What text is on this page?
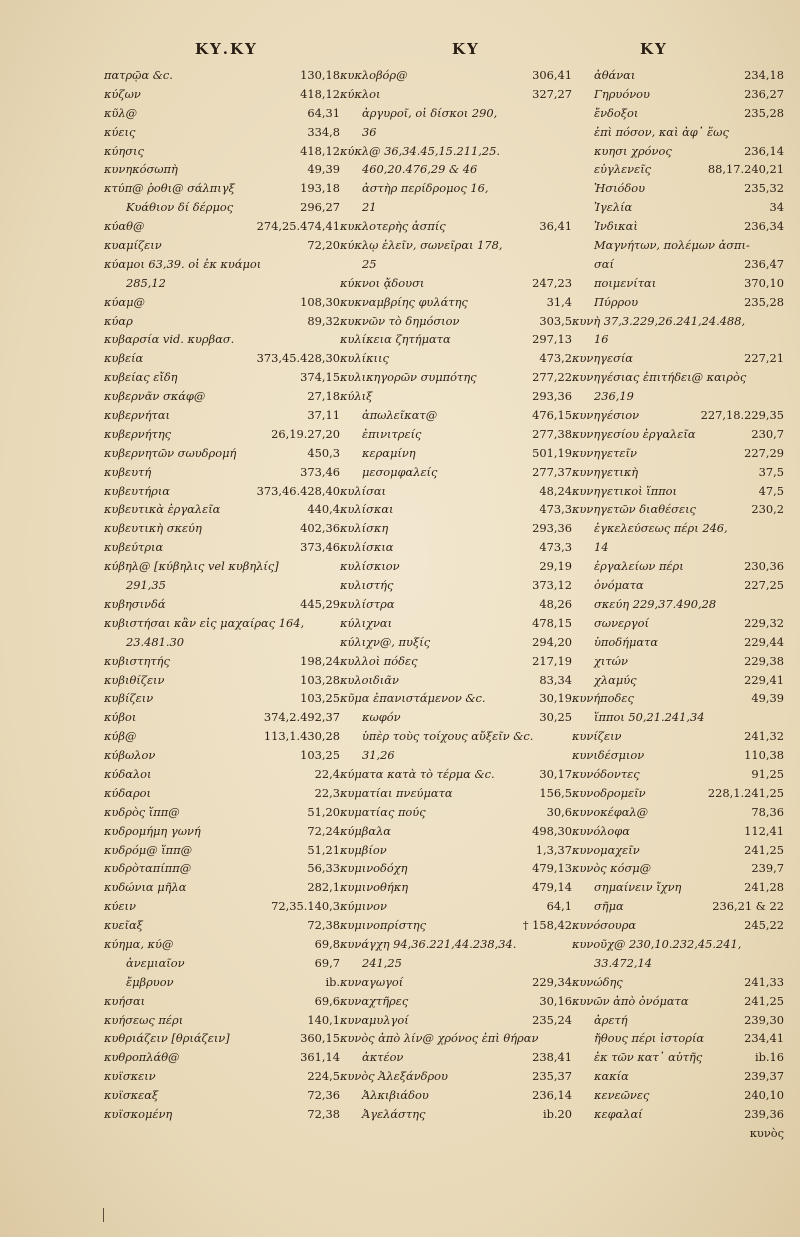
ΚΥ.ΚΥ	ΚΥ	ΚΥ
πατρῷα &c.	130,18
κύζων	418,12
κῦλ@	64,31
κύεις	334,8
κύησις	418,12
κυνηκόσωπὴ	49,39
κτύπ@ ῥοθι@ σάλπιγξ	193,18
Κυάθιον δί δέρμος	296,27
κύαθ@	274,25.474,41
κυαμίζειν	72,20
κύαμοι 63,39. οἱ ἐκ κυάμοι
285,12
κύαμ@	108,30
κύαρ	89,32
κυβαρσία vid. κυρβασ.
κυβεία	373,45.428,30
κυβείας εἴδη	374,15
κυβερνᾶν σκάφ@	27,18
κυβερνήται	37,11
κυβερνήτης	26,19.27,20
κυβερνητῶν σωυδρομή	450,3
κυβευτή	373,46
κυβευτήρια	373,46.428,40
κυβευτικὰ ἐργαλεῖα	440,4
κυβευτικὴ σκεύη	402,36
κυβεύτρια	373,46
κύβηλ@ [κύβηλις vel κυβηλίς]
291,35
κυβησινδά	445,29
κυβιστήσαι κἂν εἰς μαχαίρας 164,
23.481.30
κυβιστητής	198,24
κυβιθίζειν	103,28
κυβίζειν	103,25
κύβοι	374,2.492,37
κύβ@	113,1.430,28
κύβωλον	103,25
κύδαλοι	22,4
κύδαροι	22,3
κυδρὸς ἵππ@	51,20
κυδρομήμη γωνή	72,24
κυδρόμ@ ἵππ@	51,21
κυδρὸταπίππ@	56,33
κυδώνια μῆλα	282,1
κύειν	72,35.140,3
κυεῖαξ	72,38
κύημα, κύ@	69,8
ἀνεμιαῖον	69,7
ἔμβρυον	ib.
κυήσαι	69,6
κυήσεως πέρι	140,1
κυθριάζειν [θριάζειν]	360,15
κυθροπλάθ@	361,14
κυϊσκειν	224,5
κυϊσκεαξ	72,36
κυϊσκομένη	72,38
κυκλοβόρ@	306,41
κύκλοι	327,27
ἀργυροῖ, οἱ δίσκοι 290,
36
κύκλ@ 36,34.45,15.211,25.
460,20.476,29 & 46
ἀστὴρ περίδρομος 16,
21
κυκλοτερὴς ἀσπίς	36,41
κύκλῳ ἑλεῖν, σωνεῖραι 178,
25
κύκνοι ᾄδουσι	247,23
κυκναμβρίης φυλάτης	31,4
κυκνῶν τὸ δημόσιον	303,5
κυλίκεια ζητήματα	297,13
κυλίκιις	473,2
κυλικηγορῶν συμπότης	277,22
κύλιξ	293,36
ἀπωλεῖκατ@	476,15
ἐπινιτρείς	277,38
κεραμίνη	501,19
μεσομφαλείς	277,37
κυλίσαι	48,24
κυλίσκαι	473,3
κυλίσκη	293,36
κυλίσκια	473,3
κυλίσκιον	29,19
κυλιστής	373,12
κυλίστρα	48,26
κύλιχναι	478,15
κύλιχν@, πυξίς	294,20
κυλλοὶ πόδες	217,19
κυλοιδιᾶν	83,34
κῦμα ἐπανιστάμενον &c.	30,19
κωφόν	30,25
ὑπὲρ τοὺς τοίχους αὔξεῖν &c.
31,26
κύματα κατὰ τὸ τέρμα &c.	30,17
κυματίαι πνεύματα	156,5
κυματίας πούς	30,6
κύμβαλα	498,30
κυμβίον	1,3,37
κυμινοδόχη	479,13
κυμινοθήκη	479,14
κύμινον	64,1
κυμινοπρίστης	† 158,42
κυνάγχη 94,36.221,44.238,34.
241,25
κυναγωγοί	229,34
κυναχτῆρες	30,16
κυναμυλγοί	235,24
κυνὸς ἀπὸ λίν@ χρόνος ἐπὶ θήραν
ἀκτέον	238,41
κυνὸς Ἀλεξάνδρου	235,37
Ἀλκιβιάδου	236,14
Ἀγελάστης	ib.20
ἀθάναι	234,18
Γηρυόνου	236,27
ἔνδοξοι	235,28
ἐπὶ πόσον, καὶ ἀφ᾽ ἕως
κυησι χρόνος	236,14
εὐγλενεῖς	88,17.240,21
Ἡσιόδου	235,32
Ἰγελία	34
Ἰνδικαὶ	236,34
Μαγνήτων, πολέμων ἀσπι-
σαί	236,47
ποιμενίται	370,10
Πύρρου	235,28
κυνὴ 37,3.229,26.241,24.488,
16
κυνηγεσία	227,21
κυνηγέσιας ἐπιτήδει@ καιρὸς
236,19
κυνηγέσιον	227,18.229,35
κυνηγεσίου ἐργαλεῖα	230,7
κυνηγετεῖν	227,29
κυνηγετικὴ	37,5
κυνηγετικοὶ ἵπποι	47,5
κυνηγετῶν διαθέσεις	230,2
ἐγκελεύσεως πέρι 246,
14
ἐργαλείων πέρι	230,36
ὀνόματα	227,25
σκεύη 229,37.490,28
σωνεργοί	229,32
ὑποδήματα	229,44
χιτών	229,38
χλαμύς	229,41
κυνήποδες	49,39
ἵπποι 50,21.241,34
κυνίζειν	241,32
κυνιδέσμιον	110,38
κυνόδοντες	91,25
κυνοδρομεῖν	228,1.241,25
κυνοκέφαλ@	78,36
κυνόλοφα	112,41
κυνομαχεῖν	241,25
κυνὸς κόσμ@	239,7
σημαίνειν ἴχνη	241,28
σῆμα	236,21 & 22
κυνόσουρα	245,22
κυνοῦχ@ 230,10.232,45.241,
33.472,14
κυνώδης	241,33
κυνῶν ἀπὸ ὀνόματα	241,25
ἀρετή	239,30
ἤθους πέρι ἱστορία	234,41
ἐκ τῶν κατ᾽ αὐτῆς	ib.16
κακία	239,37
κενεῶνες	240,10
κεφαλαί	239,36
κυνὸς
